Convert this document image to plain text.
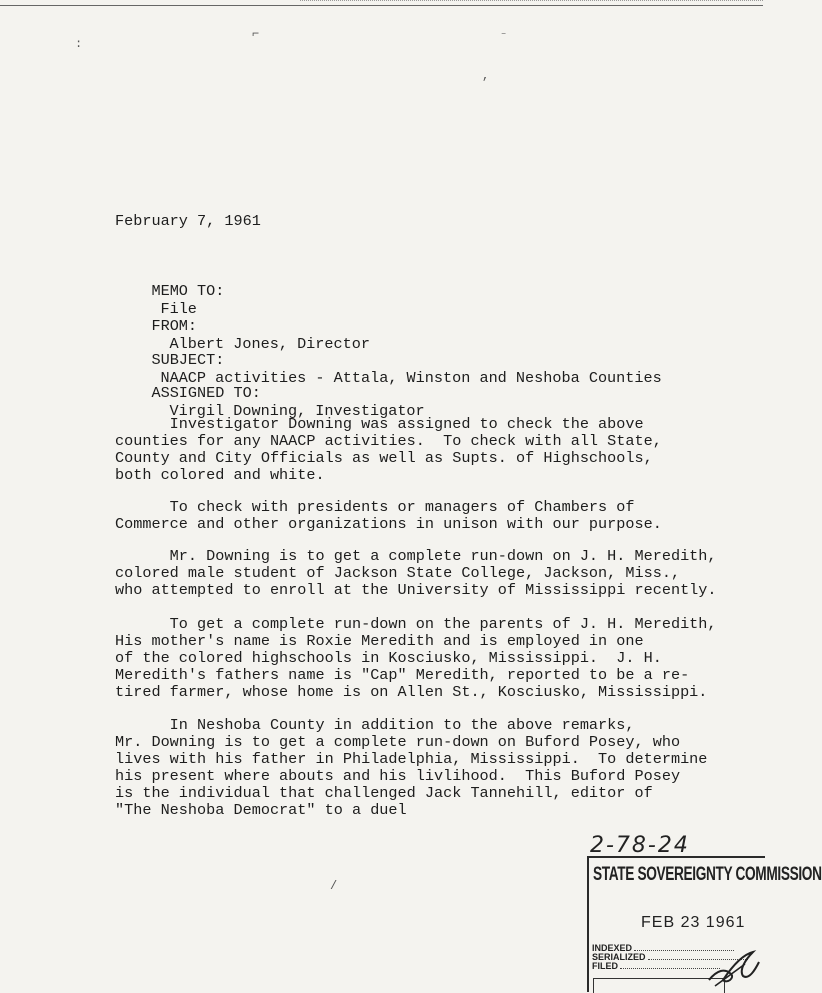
:
⌐	⁻
,
/
February 7, 1961

MEMO TO:
File

FROM:
Albert Jones, Director

SUBJECT:
NAACP activities - Attala, Winston and Neshoba Counties

ASSIGNED TO:
Virgil Downing, Investigator

Investigator Downing was assigned to check the above
counties for any NAACP activities.  To check with all State,
County and City Officials as well as Supts. of Highschools,
both colored and white.
To check with presidents or managers of Chambers of
Commerce and other organizations in unison with our purpose.
Mr. Downing is to get a complete run-down on J. H. Meredith,
colored male student of Jackson State College, Jackson, Miss.,
who attempted to enroll at the University of Mississippi recently.
To get a complete run-down on the parents of J. H. Meredith,
His mother's name is Roxie Meredith and is employed in one
of the colored highschools in Kosciusko, Mississippi.  J. H.
Meredith's fathers name is "Cap" Meredith, reported to be a re-
tired farmer, whose home is on Allen St., Kosciusko, Mississippi.
In Neshoba County in addition to the above remarks,
Mr. Downing is to get a complete run-down on Buford Posey, who
lives with his father in Philadelphia, Mississippi.  To determine
his present where abouts and his livlihood.  This Buford Posey
is the individual that challenged Jack Tannehill, editor of
"The Neshoba Democrat" to a duel
2-78-24
STATE SOVEREIGNTY COMMISSION
FEB 23 1961
INDEXED
SERIALIZED
FILED
